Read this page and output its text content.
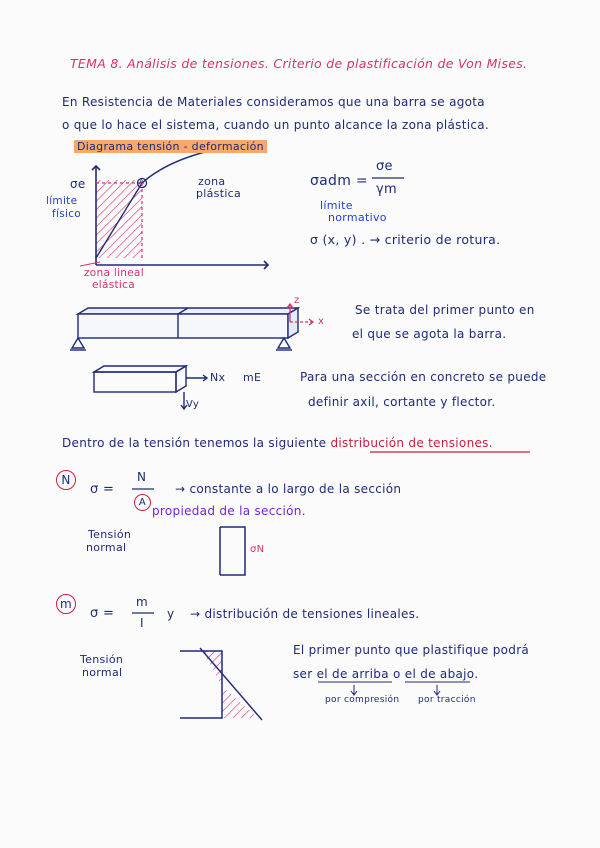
TEMA 8. Análisis de tensiones. Criterio de plastificación de Von Mises.
En Resistencia de Materiales consideramos que una barra se agota
o que lo hace el sistema, cuando un punto alcance la zona plástica.
Diagrama tensión - deformación
σe
límite
físico
zona
plástica
zona lineal
elástica
A	σadm =
σe
γm
límite
normativo
σ (x, y) . → criterio de rotura.
z
x
Se trata del primer punto en
el que se agota la barra.
Nx mE
Vy
Para una sección en concreto se puede
definir axil, cortante y flector.
Dentro de la tensión tenemos la siguiente distribución de tensiones.
N
σ =
N
A
→ constante a lo largo de la sección
propiedad de la sección.
Tensión
normal	σN
m
σ =
m
I
y → distribución de tensiones lineales.
Tensión
normal
El primer punto que plastifique podrá
ser el de arriba o el de abajo.
por compresión por tracción
